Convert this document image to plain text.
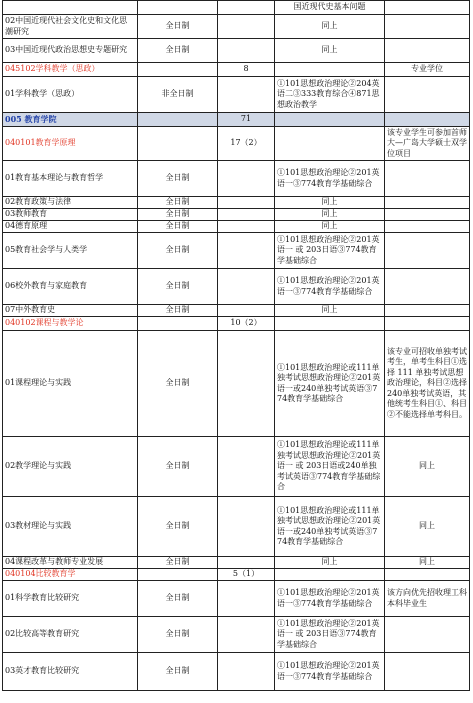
			国近现代史基本问题	
02中国近现代社会文化史和文化思潮研究	全日制		同上	
03中国近现代政治思想史专题研究	全日制		同上	
045102学科教学（思政）		8		专业学位
01学科教学（思政）	非全日制		①101思想政治理论②204英语二③333教育综合④871思想政治教学	
005 教育学院		71		
040101教育学原理		17（2）		该专业学生可参加首师大—广岛大学硕士双学位项目
01教育基本理论与教育哲学	全日制		①101思想政治理论②201英语一③774教育学基础综合	
02教育政策与法律	全日制		同上	
03教师教育	全日制		同上	
04德育原理	全日制		同上	
05教育社会学与人类学	全日制		①101思想政治理论②201英语一 或 203日语③774教育学基础综合	
06校外教育与家庭教育	全日制		①101思想政治理论②201英语一③774教育学基础综合	
07中外教育史	全日制		同上	
040102课程与教学论		10（2）		
01课程理论与实践	全日制		①101思想政治理论或111单独考试思想政治理论②201英语一或240单独考试英语③774教育学基础综合	该专业可招收单独考试考生，单考生科目①选择 111 单独考试思想政治理论，科目②选择240单独考试英语，其他统考生科目①、科目②不能选择单考科目。
02教学理论与实践	全日制		①101思想政治理论或111单独考试思想政治理论②201英语一 或 203日语或240单独考试英语③774教育学基础综合	同上
03教材理论与实践	全日制		①101思想政治理论或111单独考试思想政治理论②201英语一或240单独考试英语③774教育学基础综合	同上
04课程改革与教师专业发展	全日制		同上	同上
040104比较教育学		5（1）		
01科学教育比较研究	全日制		①101思想政治理论②201英语一③774教育学基础综合	该方向优先招收理工科本科毕业生
02比较高等教育研究	全日制		①101思想政治理论②201英语一 或 203日语③774教育学基础综合	
03英才教育比较研究	全日制		①101思想政治理论②201英语一③774教育学基础综合	
